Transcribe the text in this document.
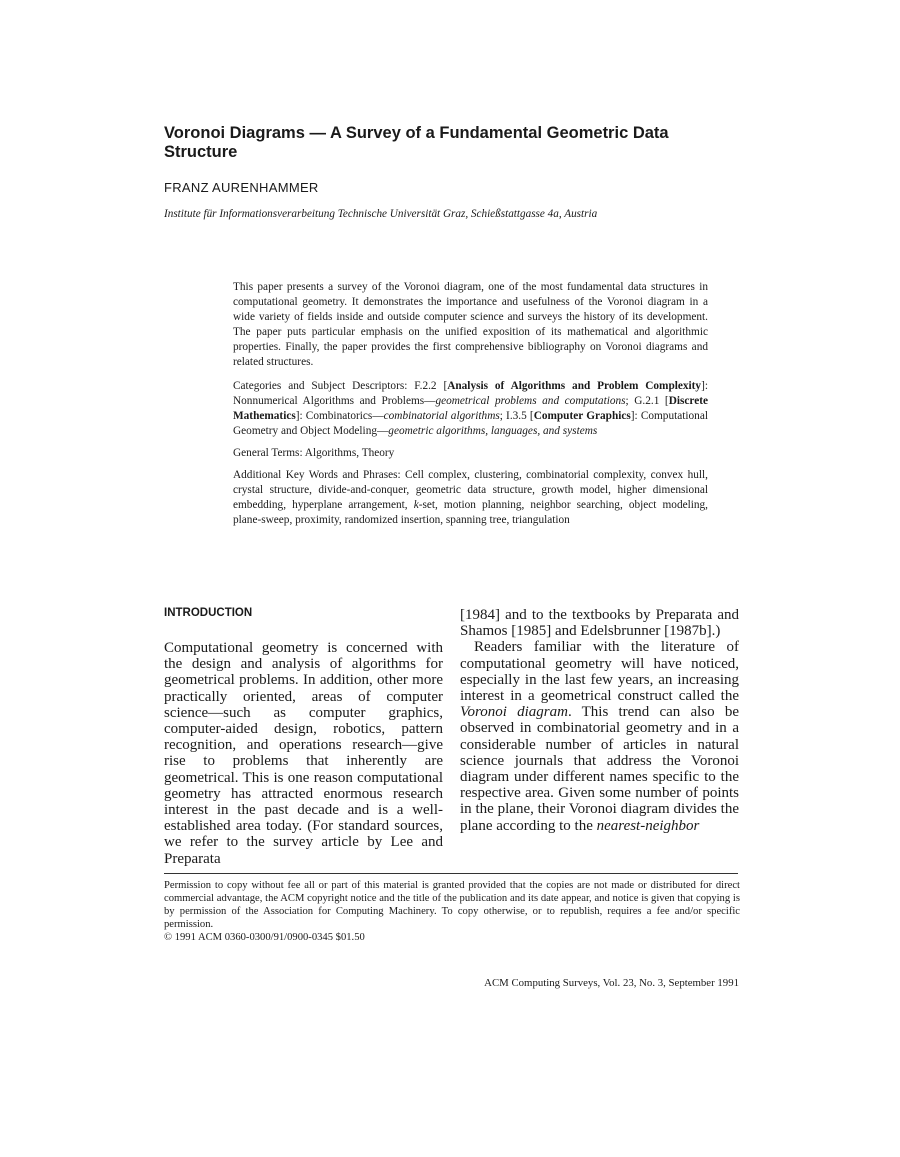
Voronoi Diagrams — A Survey of a Fundamental Geometric Data Structure
FRANZ AURENHAMMER
Institute für Informationsverarbeitung Technische Universität Graz, Schießstattgasse 4a, Austria

This paper presents a survey of the Voronoi diagram, one of the most fundamental data structures in computational geometry. It demonstrates the importance and usefulness of the Voronoi diagram in a wide variety of fields inside and outside computer science and surveys the history of its development. The paper puts particular emphasis on the unified exposition of its mathematical and algorithmic properties. Finally, the paper provides the first comprehensive bibliography on Voronoi diagrams and related structures.

Categories and Subject Descriptors: F.2.2 [Analysis of Algorithms and Problem Complexity]: Nonnumerical Algorithms and Problems—geometrical problems and computations; G.2.1 [Discrete Mathematics]: Combinatorics—combinatorial algorithms; I.3.5 [Computer Graphics]: Computational Geometry and Object Modeling—geometric algorithms, languages, and systems

General Terms: Algorithms, Theory

Additional Key Words and Phrases: Cell complex, clustering, combinatorial complexity, convex hull, crystal structure, divide-and-conquer, geometric data structure, growth model, higher dimensional embedding, hyperplane arrangement, k-set, motion planning, neighbor searching, object modeling, plane-sweep, proximity, randomized insertion, spanning tree, triangulation

INTRODUCTION

Computational geometry is concerned with the design and analysis of algorithms for geometrical problems. In addition, other more practically oriented, areas of computer science—such as computer graphics, computer-aided design, robotics, pattern recognition, and operations research—give rise to problems that inherently are geometrical. This is one reason computational geometry has attracted enormous research interest in the past decade and is a well-established area today. (For standard sources, we refer to the survey article by Lee and Preparata

[1984] and to the textbooks by Preparata and Shamos [1985] and Edelsbrunner [1987b].)

Readers familiar with the literature of computational geometry will have noticed, especially in the last few years, an increasing interest in a geometrical construct called the Voronoi diagram. This trend can also be observed in combinatorial geometry and in a considerable number of articles in natural science journals that address the Voronoi diagram under different names specific to the respective area. Given some number of points in the plane, their Voronoi diagram divides the plane according to the nearest-neighbor

Permission to copy without fee all or part of this material is granted provided that the copies are not made or distributed for direct commercial advantage, the ACM copyright notice and the title of the publication and its date appear, and notice is given that copying is by permission of the Association for Computing Machinery. To copy otherwise, or to republish, requires a fee and/or specific permission.

© 1991 ACM 0360-0300/91/0900-0345 $01.50

ACM Computing Surveys, Vol. 23, No. 3, September 1991
